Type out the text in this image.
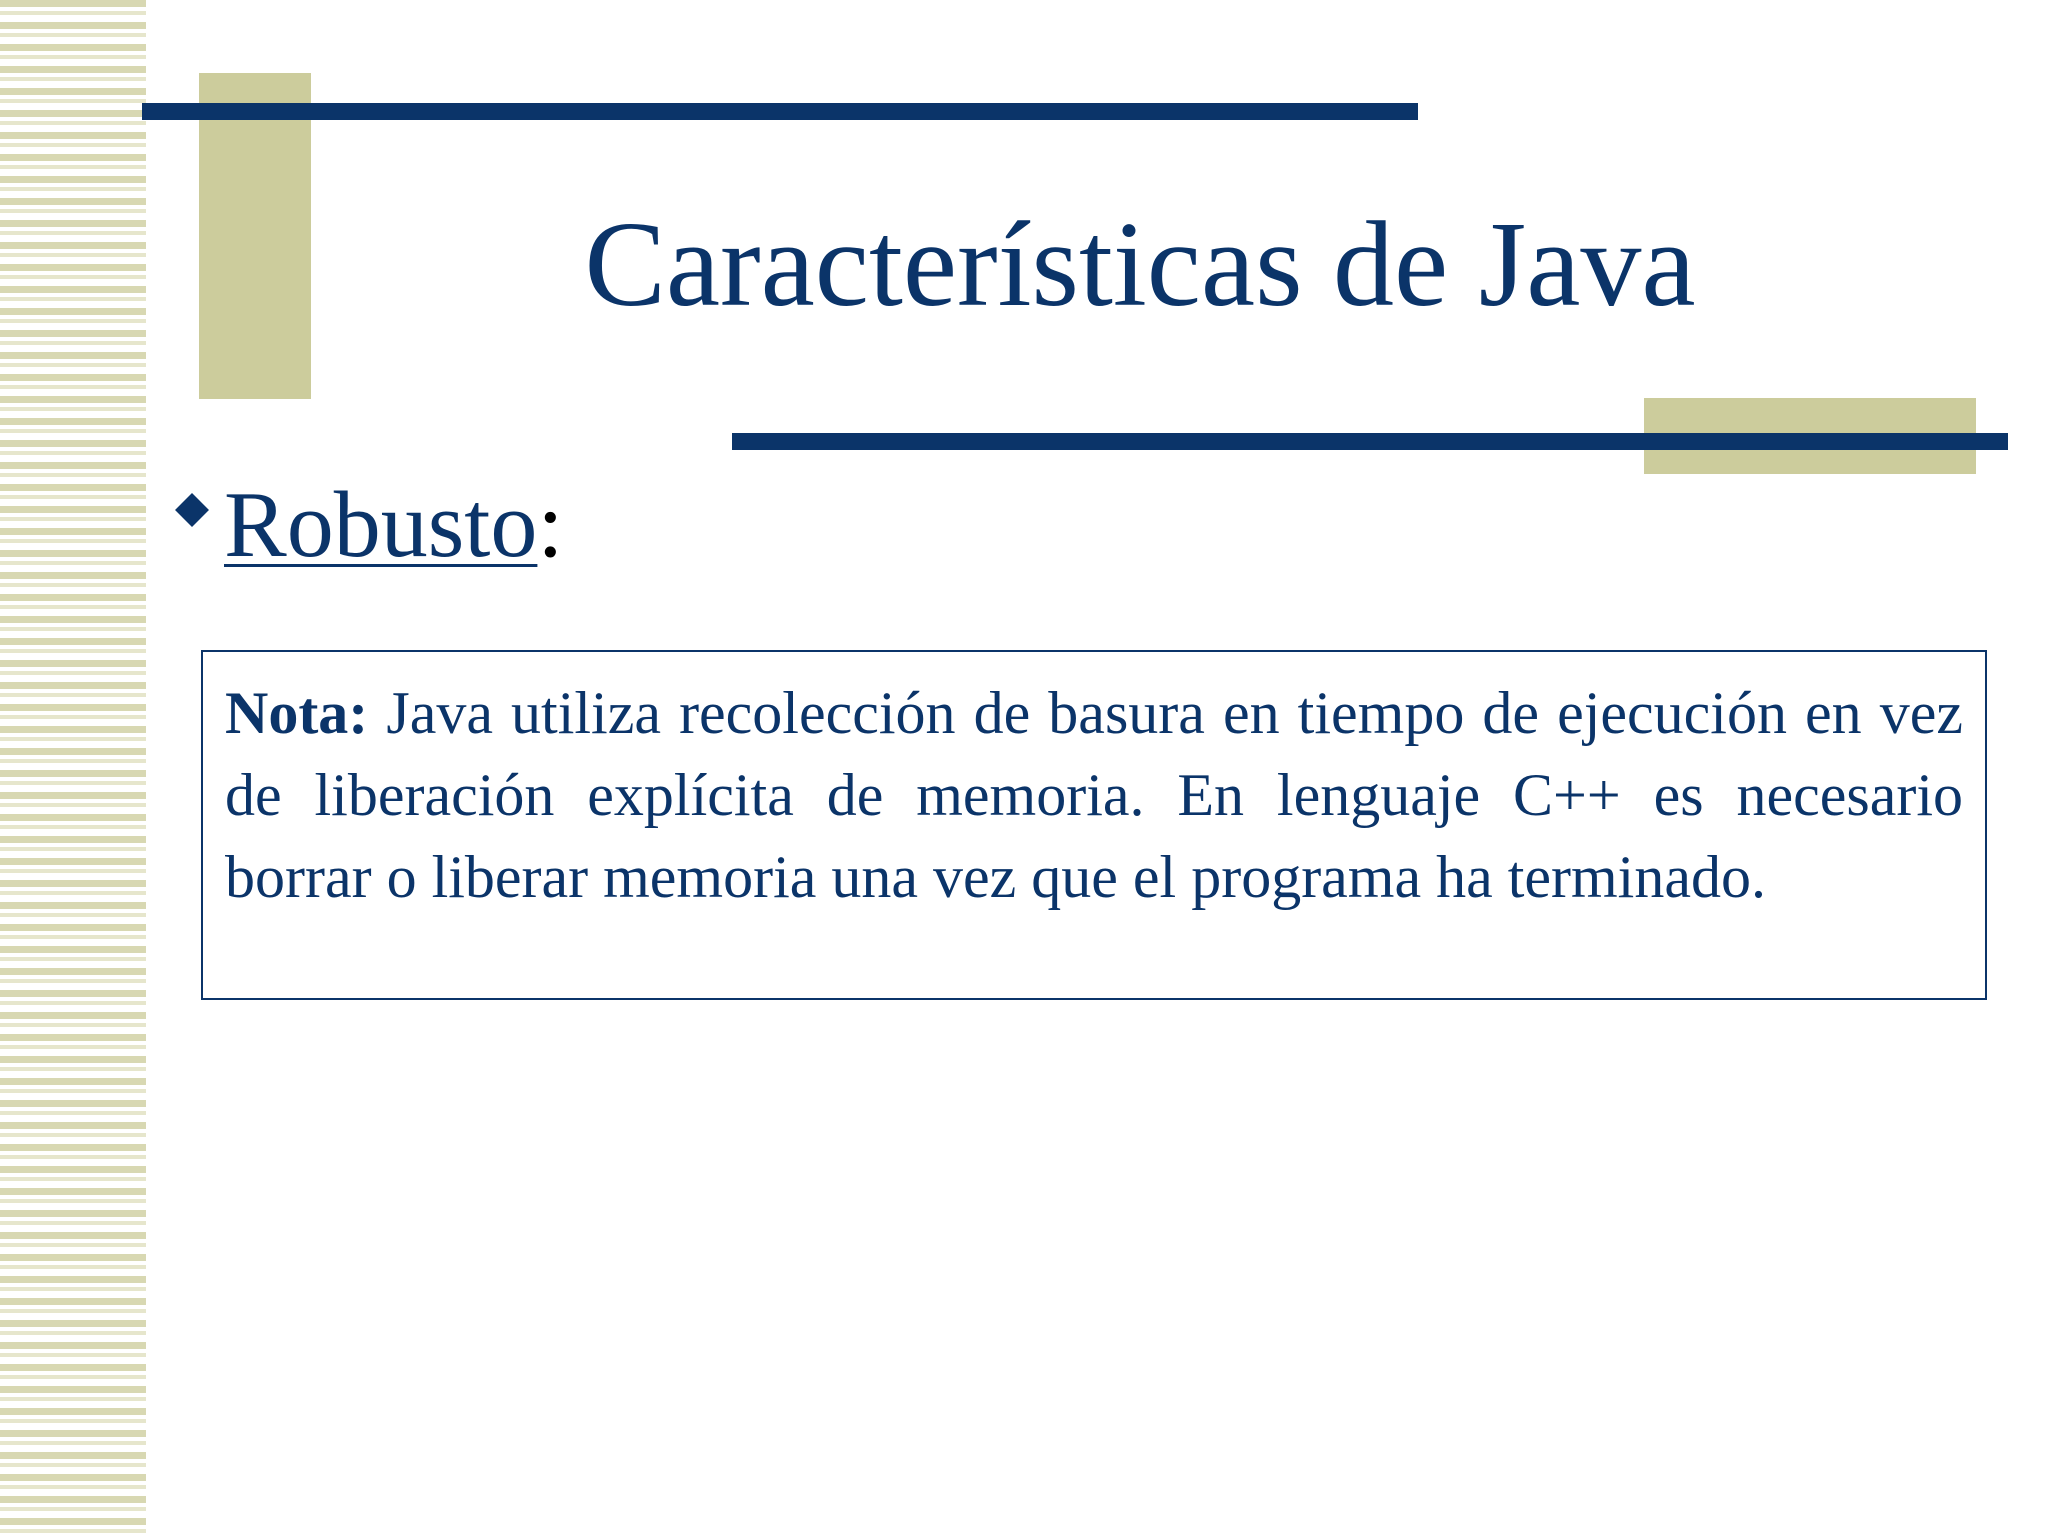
Características de Java
Robusto:

Nota: Java utiliza recolección de basura en tiempo de ejecución en vez de liberación explícita de memoria. En lenguaje C++ es necesario borrar o liberar memoria una vez que el programa ha terminado.
